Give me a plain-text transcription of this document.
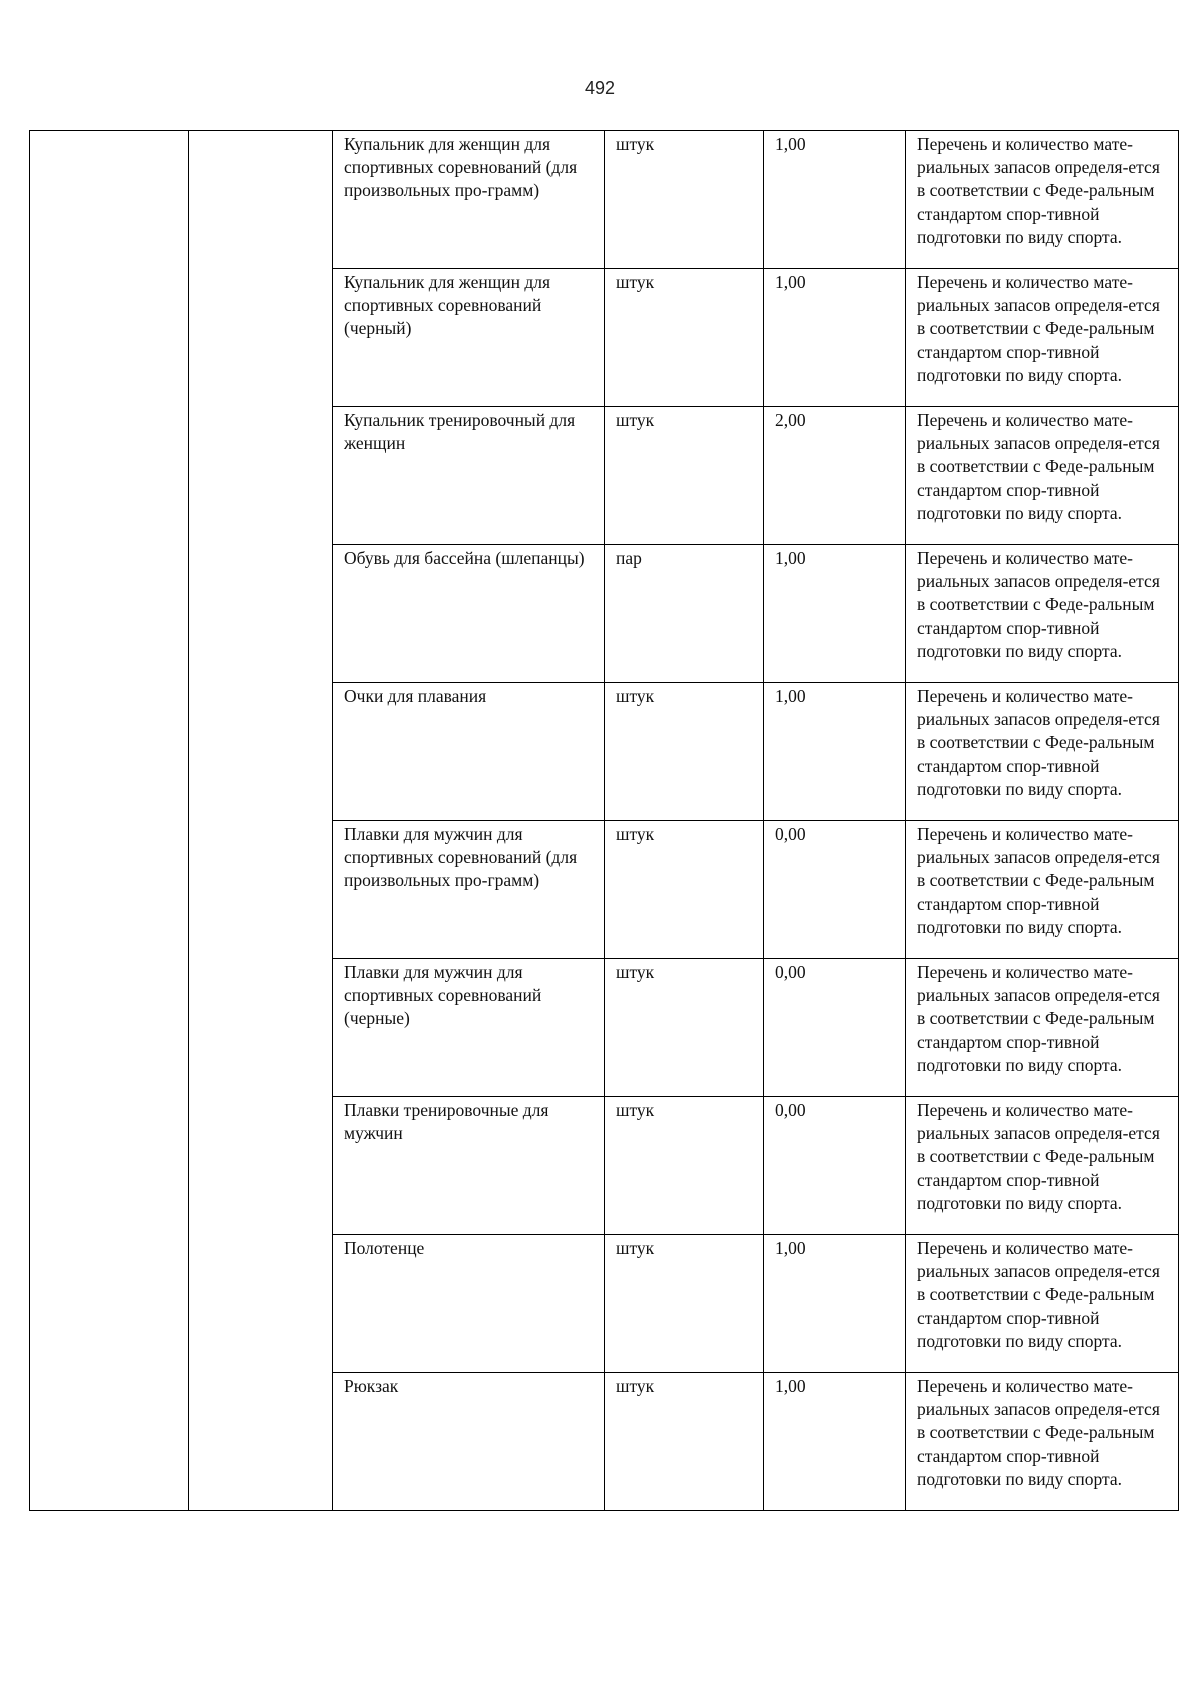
492
		Купальник для женщин для спортивных соревнований (для произвольных про-грамм)	штук	1,00	Перечень и количество мате-риальных запасов определя-ется в соответствии с Феде-ральным стандартом спор-тивной подготовки по виду спорта.
		Купальник для женщин для спортивных соревнований (черный)	штук	1,00	Перечень и количество мате-риальных запасов определя-ется в соответствии с Феде-ральным стандартом спор-тивной подготовки по виду спорта.
		Купальник тренировочный для женщин	штук	2,00	Перечень и количество мате-риальных запасов определя-ется в соответствии с Феде-ральным стандартом спор-тивной подготовки по виду спорта.
		Обувь для бассейна (шлепанцы)	пар	1,00	Перечень и количество мате-риальных запасов определя-ется в соответствии с Феде-ральным стандартом спор-тивной подготовки по виду спорта.
		Очки для плавания	штук	1,00	Перечень и количество мате-риальных запасов определя-ется в соответствии с Феде-ральным стандартом спор-тивной подготовки по виду спорта.
		Плавки для мужчин для спортивных соревнований (для произвольных про-грамм)	штук	0,00	Перечень и количество мате-риальных запасов определя-ется в соответствии с Феде-ральным стандартом спор-тивной подготовки по виду спорта.
		Плавки для мужчин для спортивных соревнований (черные)	штук	0,00	Перечень и количество мате-риальных запасов определя-ется в соответствии с Феде-ральным стандартом спор-тивной подготовки по виду спорта.
		Плавки тренировочные для мужчин	штук	0,00	Перечень и количество мате-риальных запасов определя-ется в соответствии с Феде-ральным стандартом спор-тивной подготовки по виду спорта.
		Полотенце	штук	1,00	Перечень и количество мате-риальных запасов определя-ется в соответствии с Феде-ральным стандартом спор-тивной подготовки по виду спорта.
		Рюкзак	штук	1,00	Перечень и количество мате-риальных запасов определя-ется в соответствии с Феде-ральным стандартом спор-тивной подготовки по виду спорта.
